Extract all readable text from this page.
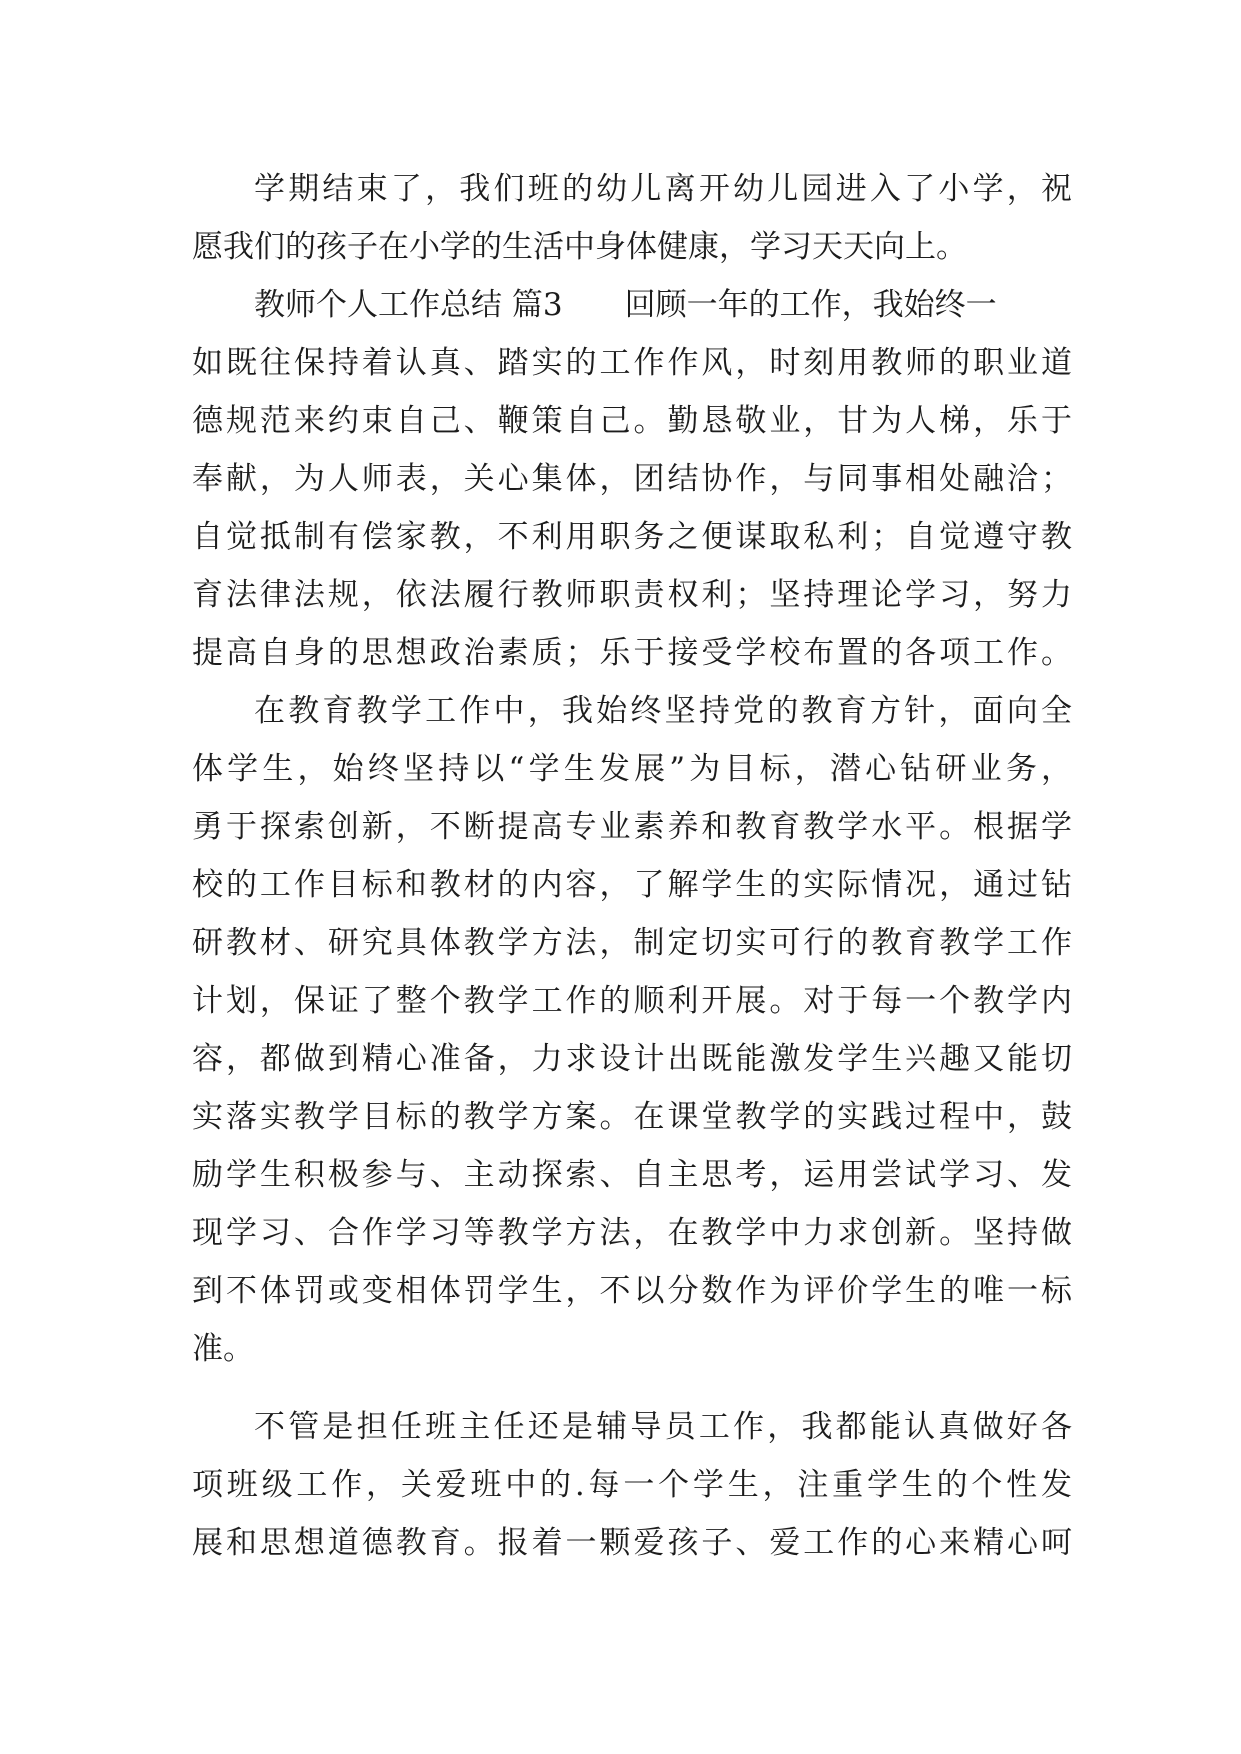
学期结束了，我们班的幼儿离开幼儿园进入了小学，祝
愿我们的孩子在小学的生活中身体健康，学习天天向上。
教师个人工作总结 篇3 回顾一年的工作，我始终一
如既往保持着认真、踏实的工作作风，时刻用教师的职业道
德规范来约束自己、鞭策自己。勤恳敬业，甘为人梯，乐于
奉献，为人师表，关心集体，团结协作，与同事相处融洽；
自觉抵制有偿家教，不利用职务之便谋取私利；自觉遵守教
育法律法规，依法履行教师职责权利；坚持理论学习，努力
提高自身的思想政治素质；乐于接受学校布置的各项工作。
在教育教学工作中，我始终坚持党的教育方针，面向全
体学生，始终坚持以“学生发展”为目标，潜心钻研业务，
勇于探索创新，不断提高专业素养和教育教学水平。根据学
校的工作目标和教材的内容，了解学生的实际情况，通过钻
研教材、研究具体教学方法，制定切实可行的教育教学工作
计划，保证了整个教学工作的顺利开展。对于每一个教学内
容，都做到精心准备，力求设计出既能激发学生兴趣又能切
实落实教学目标的教学方案。在课堂教学的实践过程中，鼓
励学生积极参与、主动探索、自主思考，运用尝试学习、发
现学习、合作学习等教学方法，在教学中力求创新。坚持做
到不体罚或变相体罚学生，不以分数作为评价学生的唯一标
准。
不管是担任班主任还是辅导员工作，我都能认真做好各
项班级工作，关爱班中的.每一个学生，注重学生的个性发
展和思想道德教育。报着一颗爱孩子、爱工作的心来精心呵
